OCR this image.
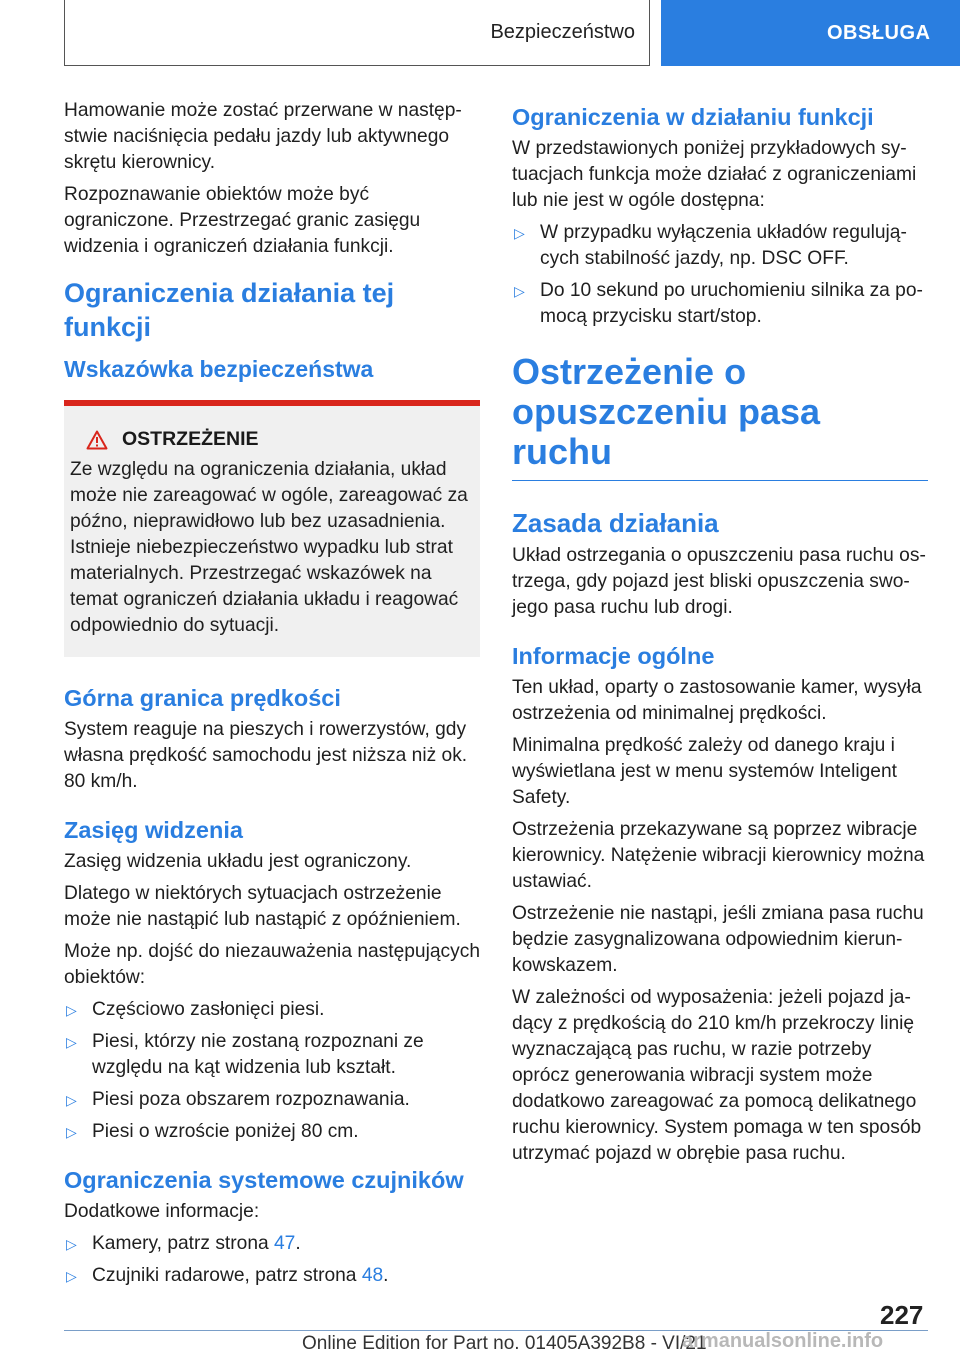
Bezpieczeństwo	OBSŁUGA

Hamowanie może zostać przerwane w następstwie naciśnięcia pedału jazdy lub aktywnego skrętu kierownicy.

Rozpoznawanie obiektów może być ograniczone. Przestrzegać granic zasięgu widzenia i ograniczeń działania funkcji.

Ograniczenia działania tej funkcji
Wskazówka bezpieczeństwa
OSTRZEŻENIE

Ze względu na ograniczenia działania, układ może nie zareagować w ogóle, zareagować za późno, nieprawidłowo lub bez uzasadnienia. Istnieje niebezpieczeństwo wypadku lub strat materialnych. Przestrzegać wskazówek na temat ograniczeń działania układu i reagować odpowiednio do sytuacji.

Górna granica prędkości

System reaguje na pieszych i rowerzystów, gdy własna prędkość samochodu jest niższa niż ok. 80 km/h.

Zasięg widzenia

Zasięg widzenia układu jest ograniczony.

Dlatego w niektórych sytuacjach ostrzeżenie może nie nastąpić lub nastąpić z opóźnieniem.

Może np. dojść do niezauważenia następujących obiektów:

▷ Częściowo zasłonięci piesi.
▷ Piesi, którzy nie zostaną rozpoznani ze względu na kąt widzenia lub kształt.
▷ Piesi poza obszarem rozpoznawania.
▷ Piesi o wzroście poniżej 80 cm.
Ograniczenia systemowe czujników

Dodatkowe informacje:

▷ Kamery, patrz strona 47.
▷ Czujniki radarowe, patrz strona 48.
Ograniczenia w działaniu funkcji

W przedstawionych poniżej przykładowych sytuacjach funkcja może działać z ograniczeniami lub nie jest w ogóle dostępna:

▷ W przypadku wyłączenia układów regulujących stabilność jazdy, np. DSC OFF.
▷ Do 10 sekund po uruchomieniu silnika za pomocą przycisku start/stop.
Ostrzeżenie o opuszczeniu pasa ruchu
Zasada działania

Układ ostrzegania o opuszczeniu pasa ruchu ostrzega, gdy pojazd jest bliski opuszczenia swojego pasa ruchu lub drogi.

Informacje ogólne

Ten układ, oparty o zastosowanie kamer, wysyła ostrzeżenia od minimalnej prędkości.

Minimalna prędkość zależy od danego kraju i wyświetlana jest w menu systemów Inteligent Safety.

Ostrzeżenia przekazywane są poprzez wibracje kierownicy. Natężenie wibracji kierownicy można ustawiać.

Ostrzeżenie nie nastąpi, jeśli zmiana pasa ruchu będzie zasygnalizowana odpowiednim kierunkowskazem.

W zależności od wyposażenia: jeżeli pojazd jadący z prędkością do 210 km/h przekroczy linię wyznaczającą pas ruchu, w razie potrzeby oprócz generowania wibracji system może dodatkowo zareagować za pomocą delikatnego ruchu kierownicy. System pomaga w ten sposób utrzymać pojazd w obrębie pasa ruchu.

227
Online Edition for Part no. 01405A392B8 - VI/21
armanualsonline.info
